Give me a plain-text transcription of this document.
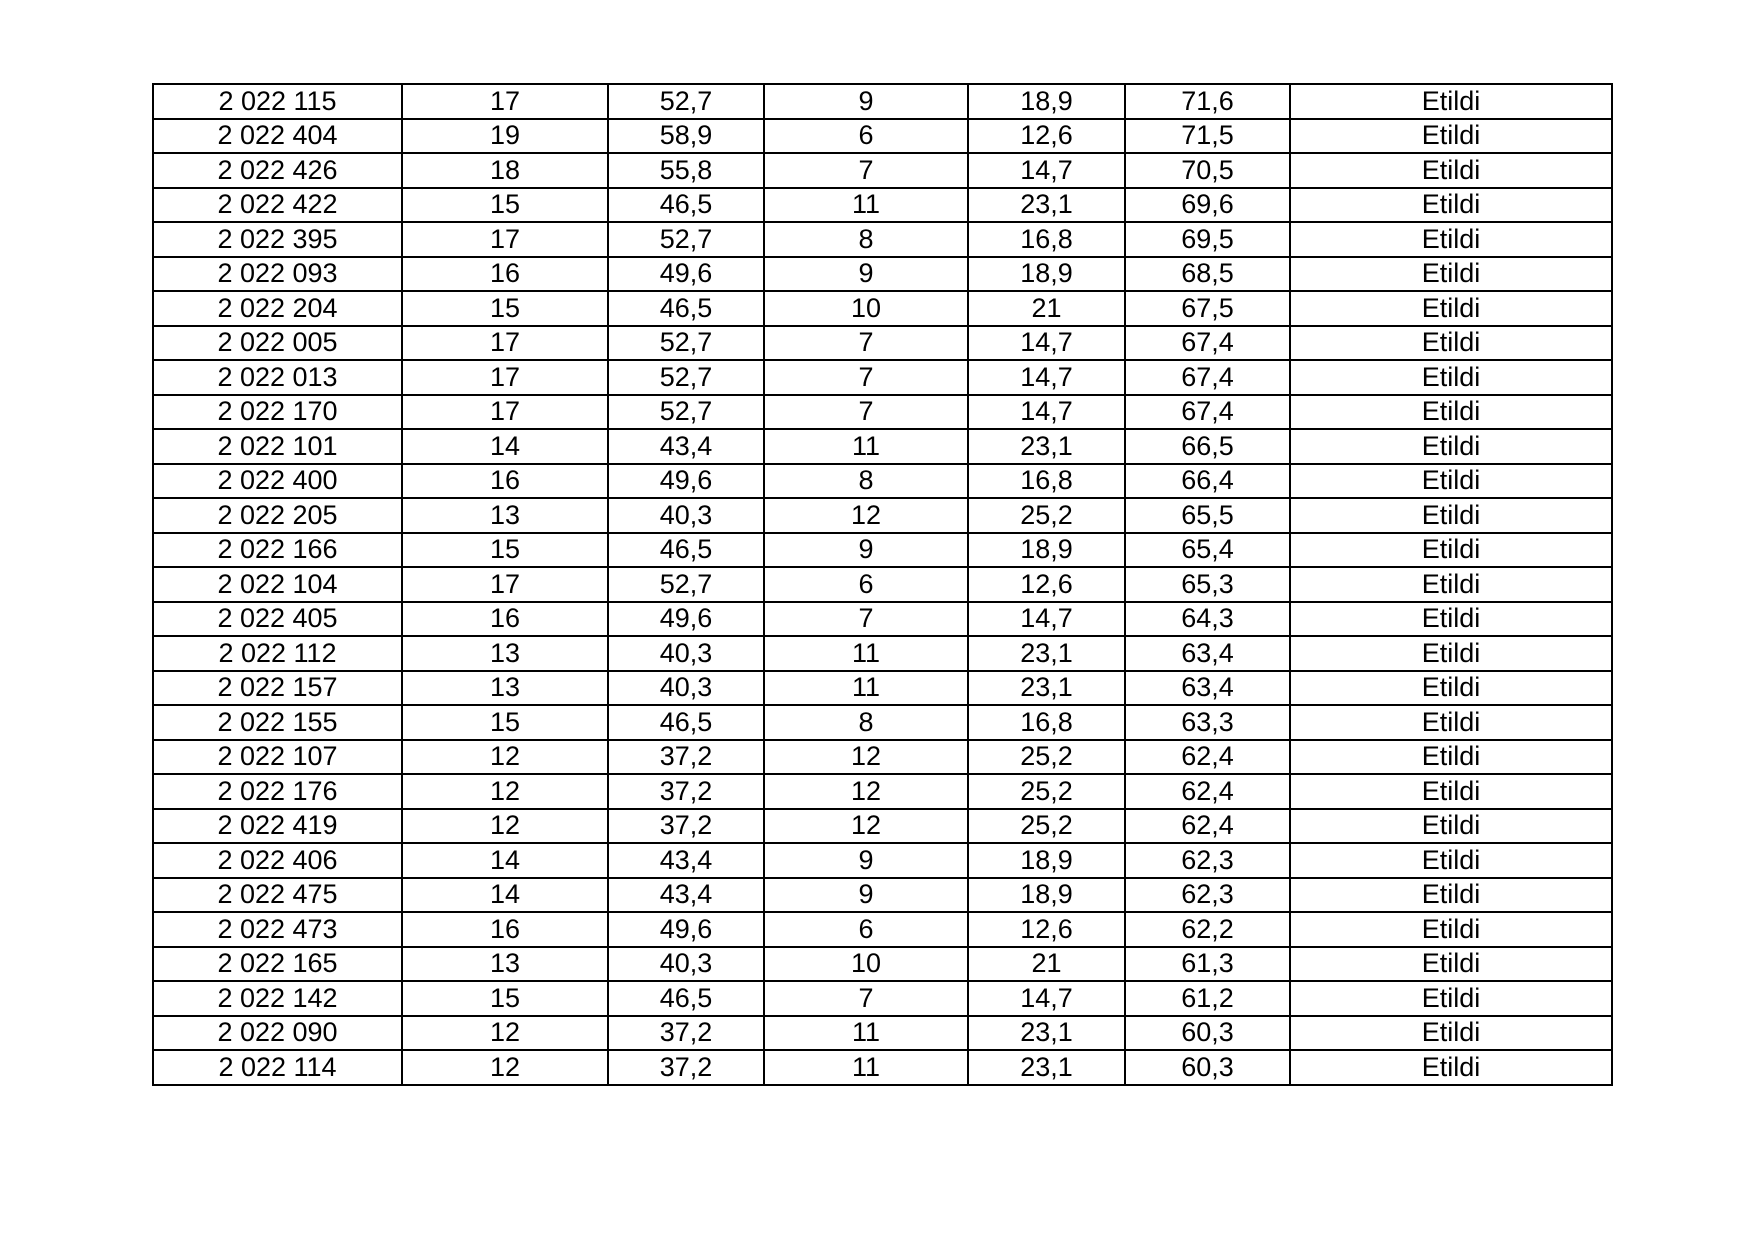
2 022 115	17	52,7	9	18,9	71,6	Etildi
2 022 404	19	58,9	6	12,6	71,5	Etildi
2 022 426	18	55,8	7	14,7	70,5	Etildi
2 022 422	15	46,5	11	23,1	69,6	Etildi
2 022 395	17	52,7	8	16,8	69,5	Etildi
2 022 093	16	49,6	9	18,9	68,5	Etildi
2 022 204	15	46,5	10	21	67,5	Etildi
2 022 005	17	52,7	7	14,7	67,4	Etildi
2 022 013	17	52,7	7	14,7	67,4	Etildi
2 022 170	17	52,7	7	14,7	67,4	Etildi
2 022 101	14	43,4	11	23,1	66,5	Etildi
2 022 400	16	49,6	8	16,8	66,4	Etildi
2 022 205	13	40,3	12	25,2	65,5	Etildi
2 022 166	15	46,5	9	18,9	65,4	Etildi
2 022 104	17	52,7	6	12,6	65,3	Etildi
2 022 405	16	49,6	7	14,7	64,3	Etildi
2 022 112	13	40,3	11	23,1	63,4	Etildi
2 022 157	13	40,3	11	23,1	63,4	Etildi
2 022 155	15	46,5	8	16,8	63,3	Etildi
2 022 107	12	37,2	12	25,2	62,4	Etildi
2 022 176	12	37,2	12	25,2	62,4	Etildi
2 022 419	12	37,2	12	25,2	62,4	Etildi
2 022 406	14	43,4	9	18,9	62,3	Etildi
2 022 475	14	43,4	9	18,9	62,3	Etildi
2 022 473	16	49,6	6	12,6	62,2	Etildi
2 022 165	13	40,3	10	21	61,3	Etildi
2 022 142	15	46,5	7	14,7	61,2	Etildi
2 022 090	12	37,2	11	23,1	60,3	Etildi
2 022 114	12	37,2	11	23,1	60,3	Etildi
